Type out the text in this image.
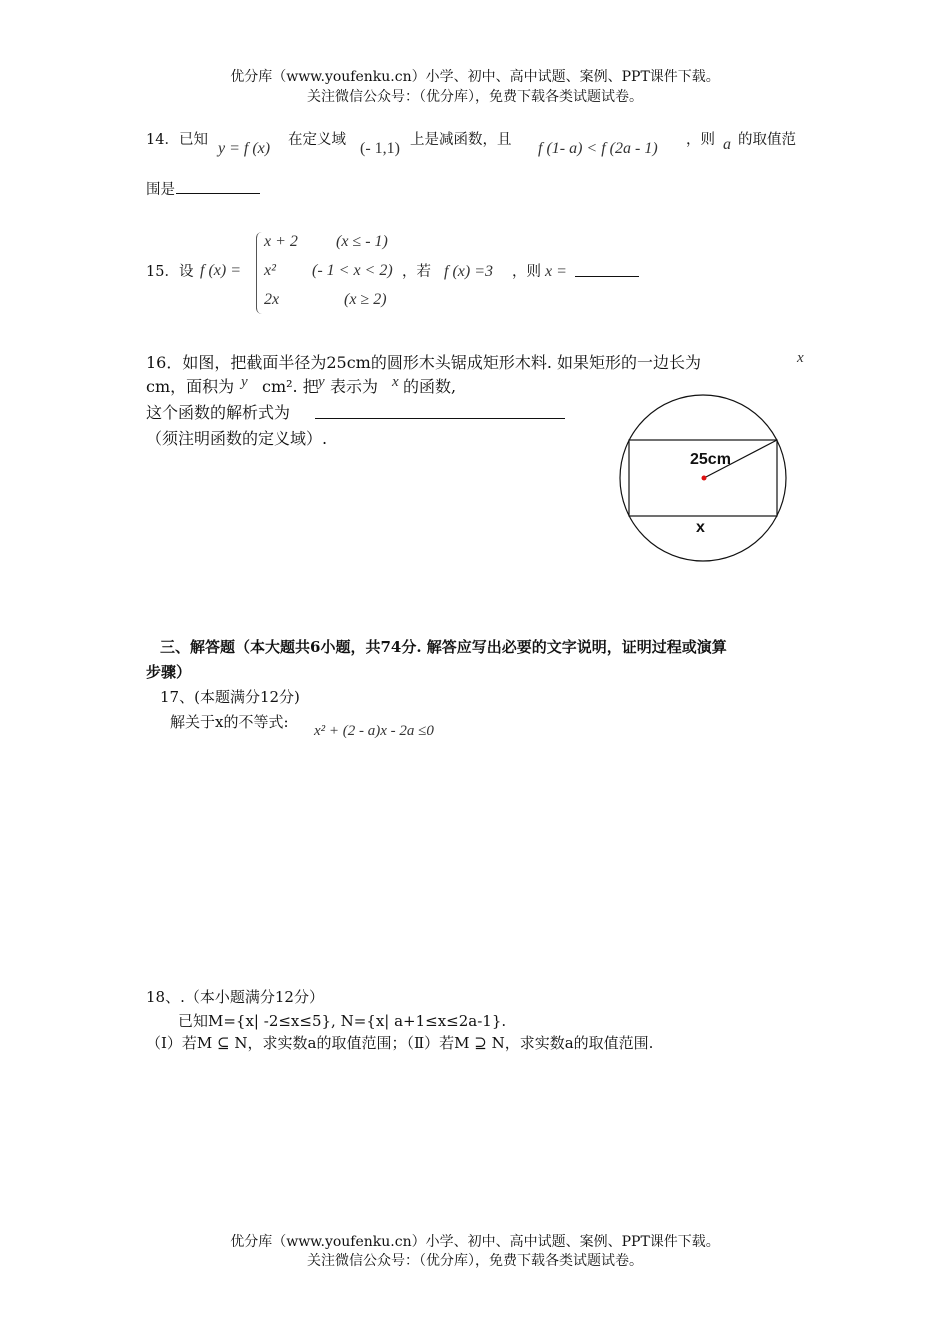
优分库（www.youfenku.cn）小学、初中、高中试题、案例、PPT课件下载。
关注微信公众号：（优分库），免费下载各类试题试卷。
14．已知 y = f (x) 在定义域 (- 1,1) 上是减函数，且 f (1- a) < f (2a - 1) ，则 a 的取值范
围是
15．设 f (x) =
x + 2 (x ≤ - 1)
x² (- 1 < x < 2)
2x	(x ≥ 2)
，若 f (x) =3 ，则 x =
16．如图，把截面半径为25cm的圆形木头锯成矩形木料. 如果矩形的一边长为	x
cm，面积为 y cm². 把 y 表示为 x 的函数,
这个函数的解析式为
（须注明函数的定义域）.
25cm
x
三、解答题（本大题共6小题，共74分. 解答应写出必要的文字说明，证明过程或演算
步骤）
17、(本题满分12分)
解关于x的不等式: x² + (2 - a)x - 2a ≤0
18、.（本小题满分12分）
已知M={x| -2≤x≤5}, N={x| a+1≤x≤2a-1}.
（Ⅰ）若M ⊆ N，求实数a的取值范围；（Ⅱ）若M ⊇ N，求实数a的取值范围.
优分库（www.youfenku.cn）小学、初中、高中试题、案例、PPT课件下载。
关注微信公众号：（优分库），免费下载各类试题试卷。
